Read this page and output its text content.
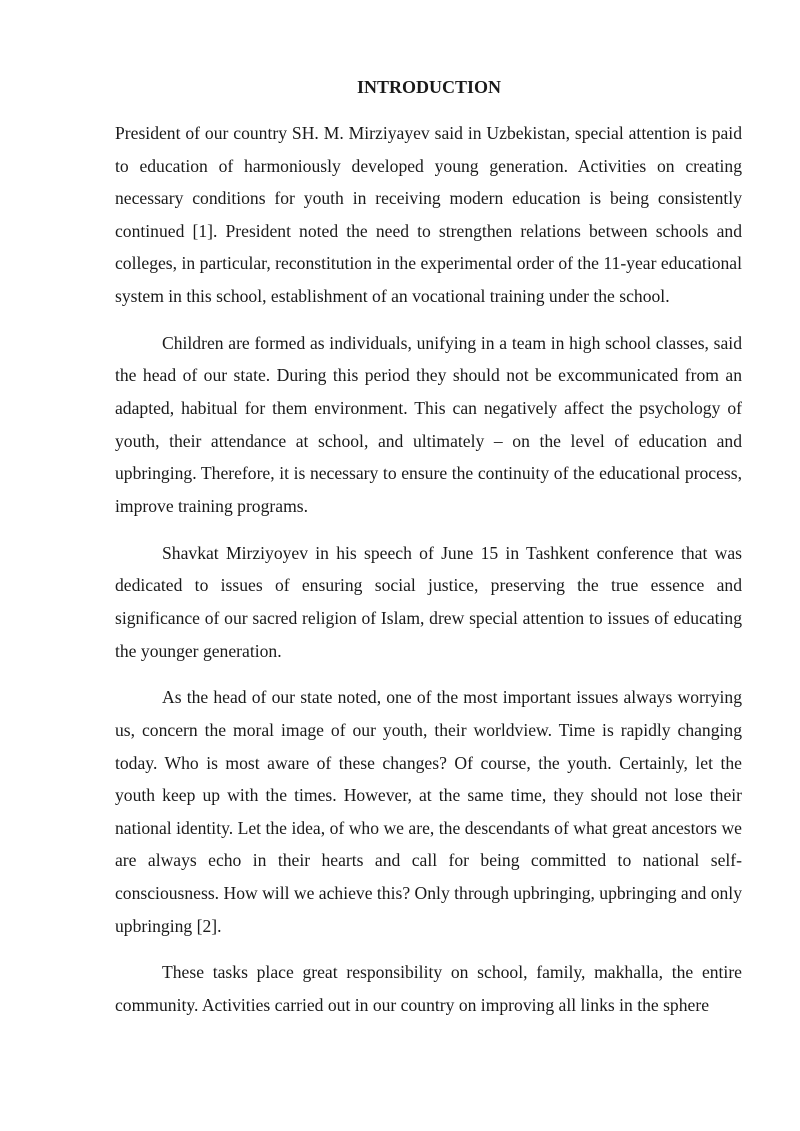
INTRODUCTION

President of our country SH. M. Mirziyayev said in Uzbekistan, special attention is paid to education of harmoniously developed young generation. Activities on creating necessary conditions for youth in receiving modern education is being consistently continued [1]. President noted the need to strengthen relations between schools and colleges, in particular, reconstitution in the experimental order of the 11-year educational system in this school, establishment of an vocational training under the school.

Children are formed as individuals, unifying in a team in high school classes, said the head of our state. During this period they should not be excommunicated from an adapted, habitual for them environment. This can negatively affect the psychology of youth, their attendance at school, and ultimately – on the level of education and upbringing. Therefore, it is necessary to ensure the continuity of the educational process, improve training programs.

Shavkat Mirziyoyev in his speech of June 15 in Tashkent conference that was dedicated to issues of ensuring social justice, preserving the true essence and significance of our sacred religion of Islam, drew special attention to issues of educating the younger generation.

As the head of our state noted, one of the most important issues always worrying us, concern the moral image of our youth, their worldview. Time is rapidly changing today. Who is most aware of these changes? Of course, the youth. Certainly, let the youth keep up with the times. However, at the same time, they should not lose their national identity. Let the idea, of who we are, the descendants of what great ancestors we are always echo in their hearts and call for being committed to national self-consciousness. How will we achieve this? Only through upbringing, upbringing and only upbringing [2].

These tasks place great responsibility on school, family, makhalla, the entire community. Activities carried out in our country on improving all links in the sphere
